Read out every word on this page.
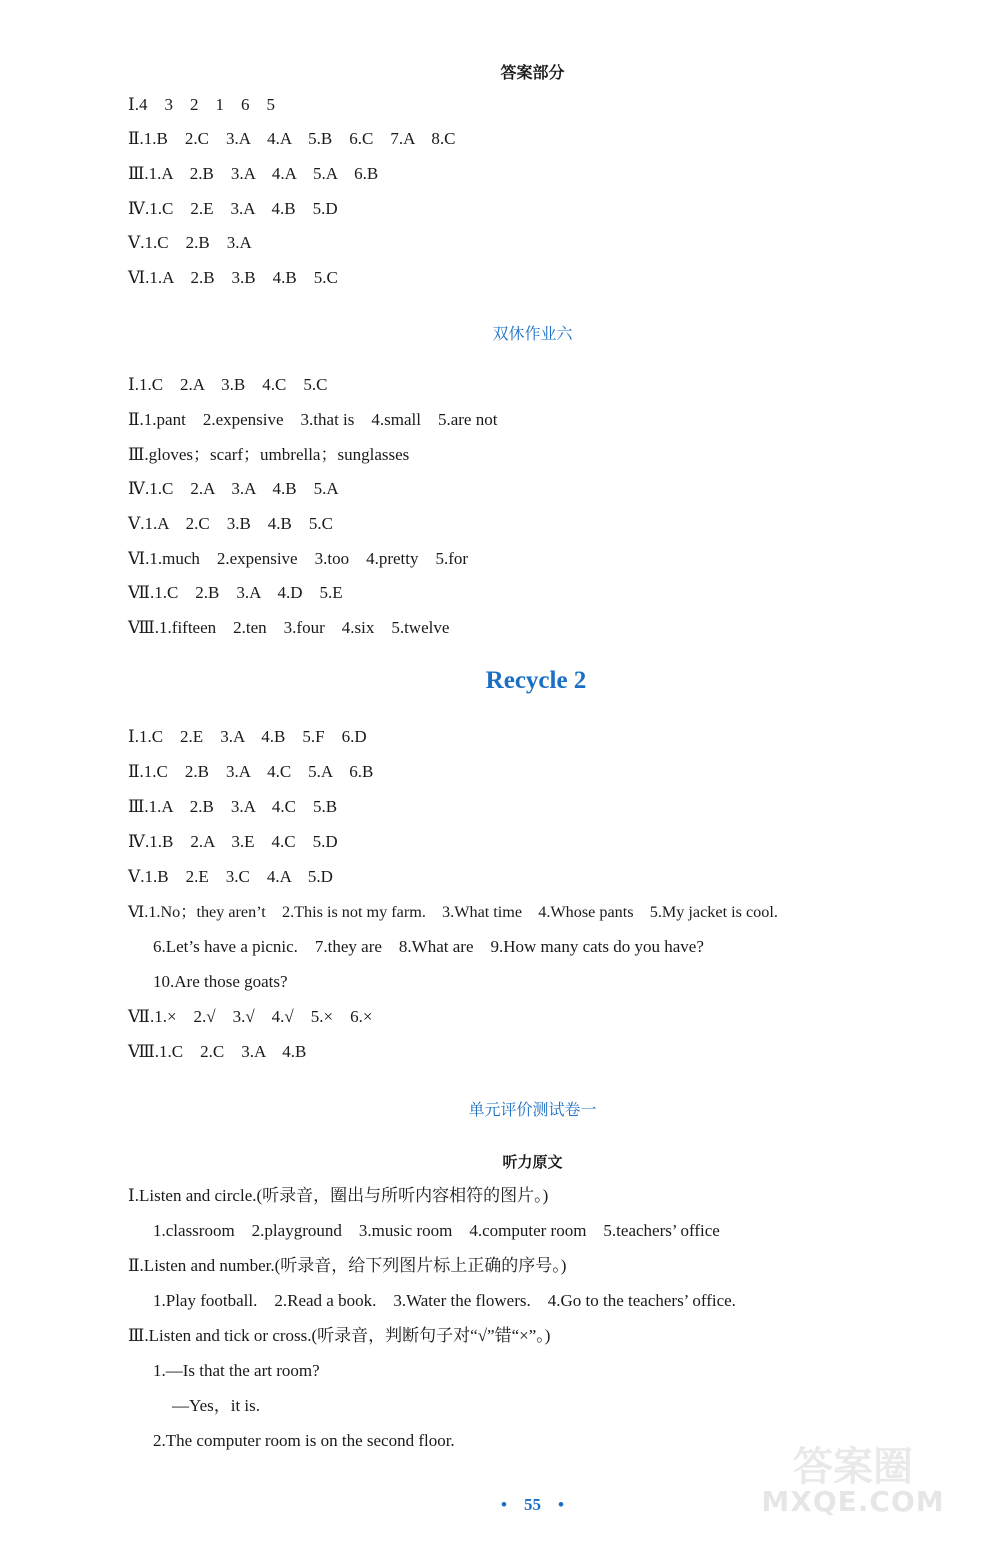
答案部分
Ⅰ.4　3　2　1　6　5
Ⅱ.1.B　2.C　3.A　4.A　5.B　6.C　7.A　8.C
Ⅲ.1.A　2.B　3.A　4.A　5.A　6.B
Ⅳ.1.C　2.E　3.A　4.B　5.D
Ⅴ.1.C　2.B　3.A
Ⅵ.1.A　2.B　3.B　4.B　5.C
双休作业六
Ⅰ.1.C　2.A　3.B　4.C　5.C
Ⅱ.1.pant　2.expensive　3.that is　4.small　5.are not
Ⅲ.gloves；scarf；umbrella；sunglasses
Ⅳ.1.C　2.A　3.A　4.B　5.A
Ⅴ.1.A　2.C　3.B　4.B　5.C
Ⅵ.1.much　2.expensive　3.too　4.pretty　5.for
Ⅶ.1.C　2.B　3.A　4.D　5.E
Ⅷ.1.fifteen　2.ten　3.four　4.six　5.twelve
Recycle 2
Ⅰ.1.C　2.E　3.A　4.B　5.F　6.D
Ⅱ.1.C　2.B　3.A　4.C　5.A　6.B
Ⅲ.1.A　2.B　3.A　4.C　5.B
Ⅳ.1.B　2.A　3.E　4.C　5.D
Ⅴ.1.B　2.E　3.C　4.A　5.D
Ⅵ.1.No；they aren’t　2.This is not my farm.　3.What time　4.Whose pants　5.My jacket is cool.
6.Let’s have a picnic.　7.they are　8.What are　9.How many cats do you have?
10.Are those goats?
Ⅶ.1.×　2.√　3.√　4.√　5.×　6.×
Ⅷ.1.C　2.C　3.A　4.B
单元评价测试卷一
听力原文
Ⅰ.Listen and circle.(听录音，圈出与所听内容相符的图片。)
1.classroom　2.playground　3.music room　4.computer room　5.teachers’ office
Ⅱ.Listen and number.(听录音，给下列图片标上正确的序号。)
1.Play football.　2.Read a book.　3.Water the flowers.　4.Go to the teachers’ office.
Ⅲ.Listen and tick or cross.(听录音，判断句子对“√”错“×”。)
1.—Is that the art room?
—Yes，it is.
2.The computer room is on the second floor.
•　55　•
答案圈
MXQE.COM
